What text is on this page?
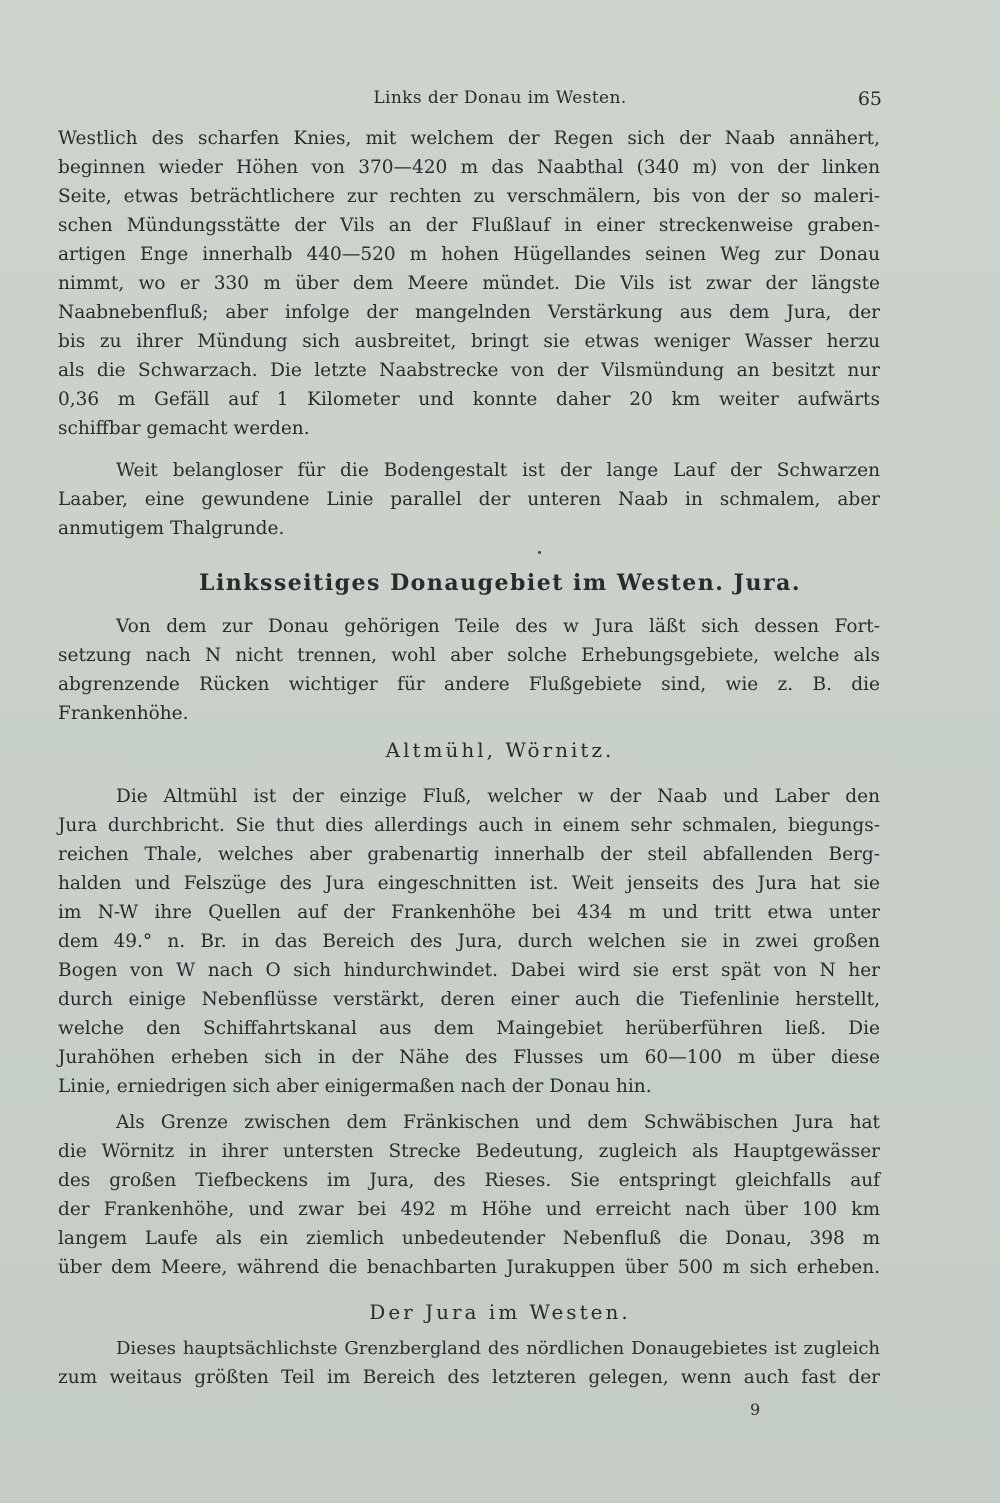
Links der Donau im Westen.	65
Westlich des scharfen Knies, mit welchem der Regen sich der Naab annähert,
beginnen wieder Höhen von 370—420 m das Naabthal (340 m) von der linken
Seite, etwas beträchtlichere zur rechten zu verschmälern, bis von der so maleri-
schen Mündungsstätte der Vils an der Flußlauf in einer streckenweise graben-
artigen Enge innerhalb 440—520 m hohen Hügellandes seinen Weg zur Donau
nimmt, wo er 330 m über dem Meere mündet. Die Vils ist zwar der längste
Naabnebenfluß; aber infolge der mangelnden Verstärkung aus dem Jura, der
bis zu ihrer Mündung sich ausbreitet, bringt sie etwas weniger Wasser herzu
als die Schwarzach. Die letzte Naabstrecke von der Vilsmündung an besitzt nur
0,36 m Gefäll auf 1 Kilometer und konnte daher 20 km weiter aufwärts
schiffbar gemacht werden.
Weit belangloser für die Bodengestalt ist der lange Lauf der Schwarzen
Laaber, eine gewundene Linie parallel der unteren Naab in schmalem, aber
anmutigem Thalgrunde.
Linksseitiges Donaugebiet im Westen. Jura.
Von dem zur Donau gehörigen Teile des w Jura läßt sich dessen Fort-
setzung nach N nicht trennen, wohl aber solche Erhebungsgebiete, welche als
abgrenzende Rücken wichtiger für andere Flußgebiete sind, wie z. B. die
Frankenhöhe.
Altmühl, Wörnitz.
Die Altmühl ist der einzige Fluß, welcher w der Naab und Laber den
Jura durchbricht. Sie thut dies allerdings auch in einem sehr schmalen, biegungs-
reichen Thale, welches aber grabenartig innerhalb der steil abfallenden Berg-
halden und Felszüge des Jura eingeschnitten ist. Weit jenseits des Jura hat sie
im N-W ihre Quellen auf der Frankenhöhe bei 434 m und tritt etwa unter
dem 49.° n. Br. in das Bereich des Jura, durch welchen sie in zwei großen
Bogen von W nach O sich hindurchwindet. Dabei wird sie erst spät von N her
durch einige Nebenflüsse verstärkt, deren einer auch die Tiefenlinie herstellt,
welche den Schiffahrtskanal aus dem Maingebiet herüberführen ließ. Die
Jurahöhen erheben sich in der Nähe des Flusses um 60—100 m über diese
Linie, erniedrigen sich aber einigermaßen nach der Donau hin.
Als Grenze zwischen dem Fränkischen und dem Schwäbischen Jura hat
die Wörnitz in ihrer untersten Strecke Bedeutung, zugleich als Hauptgewässer
des großen Tiefbeckens im Jura, des Rieses. Sie entspringt gleichfalls auf
der Frankenhöhe, und zwar bei 492 m Höhe und erreicht nach über 100 km
langem Laufe als ein ziemlich unbedeutender Nebenfluß die Donau, 398 m
über dem Meere, während die benachbarten Jurakuppen über 500 m sich erheben.
Der Jura im Westen.
Dieses hauptsächlichste Grenzbergland des nördlichen Donaugebietes ist zugleich
zum weitaus größten Teil im Bereich des letzteren gelegen, wenn auch fast der
9
